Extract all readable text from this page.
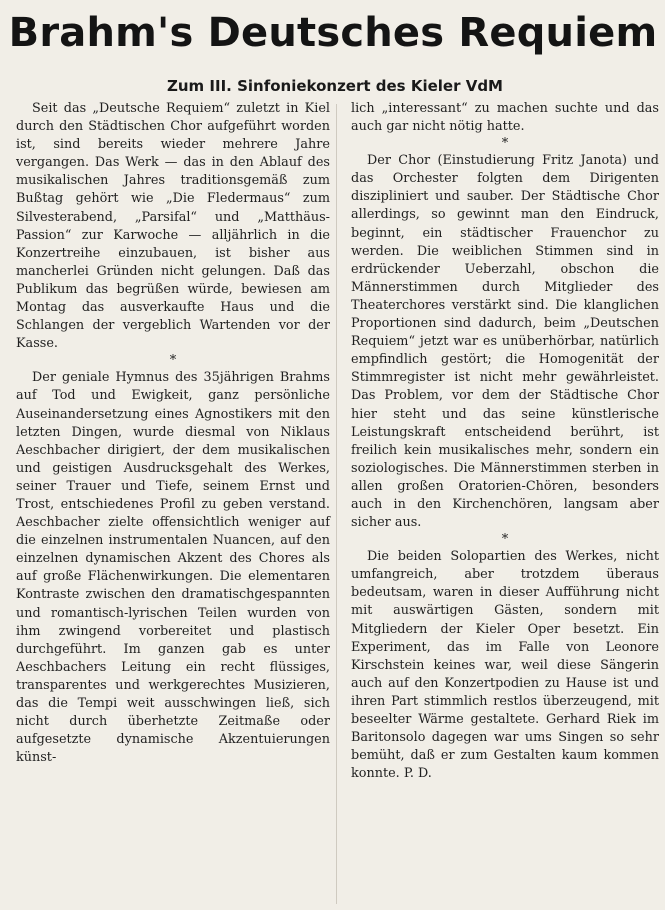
Brahm's Deutsches Requiem
Zum III. Sinfoniekonzert des Kieler VdM

Seit das „Deutsche Requiem“ zuletzt in Kiel durch den Städtischen Chor aufgeführt worden ist, sind bereits wieder mehrere Jahre vergangen. Das Werk — das in den Ablauf des musikalischen Jahres traditionsgemäß zum Bußtag gehört wie „Die Fledermaus“ zum Silvesterabend, „Parsifal“ und „Matthäus-Passion“ zur Karwoche — alljährlich in die Konzertreihe einzubauen, ist bisher aus mancherlei Gründen nicht gelungen. Daß das Publikum das begrüßen würde, bewiesen am Montag das ausverkaufte Haus und die Schlangen der vergeblich Wartenden vor der Kasse.

*

Der geniale Hymnus des 35jährigen Brahms auf Tod und Ewigkeit, ganz persönliche Auseinandersetzung eines Agnostikers mit den letzten Dingen, wurde diesmal von Niklaus Aeschbacher dirigiert, der dem musikalischen und geistigen Ausdrucksgehalt des Werkes, seiner Trauer und Tiefe, seinem Ernst und Trost, entschiedenes Profil zu geben verstand. Aeschbacher zielte offensichtlich weniger auf die einzelnen instrumentalen Nuancen, auf den einzelnen dynamischen Akzent des Chores als auf große Flächenwirkungen. Die elementaren Kontraste zwischen den dramatischgespannten und romantisch-lyrischen Teilen wurden von ihm zwingend vorbereitet und plastisch durchgeführt. Im ganzen gab es unter Aeschbachers Leitung ein recht flüssiges, transparentes und werkgerechtes Musizieren, das die Tempi weit ausschwingen ließ, sich nicht durch überhetzte Zeitmaße oder aufgesetzte dynamische Akzentuierungen künst-

lich „interessant“ zu machen suchte und das auch gar nicht nötig hatte.

*

Der Chor (Einstudierung Fritz Janota) und das Orchester folgten dem Dirigenten diszipliniert und sauber. Der Städtische Chor allerdings, so gewinnt man den Eindruck, beginnt, ein städtischer Frauenchor zu werden. Die weiblichen Stimmen sind in erdrückender Ueberzahl, obschon die Männerstimmen durch Mitglieder des Theaterchores verstärkt sind. Die klanglichen Proportionen sind dadurch, beim „Deutschen Requiem“ jetzt war es unüberhörbar, natürlich empfindlich gestört; die Homogenität der Stimmregister ist nicht mehr gewährleistet. Das Problem, vor dem der Städtische Chor hier steht und das seine künstlerische Leistungskraft entscheidend berührt, ist freilich kein musikalisches mehr, sondern ein soziologisches. Die Männerstimmen sterben in allen großen Oratorien-Chören, besonders auch in den Kirchenchören, langsam aber sicher aus.

*

Die beiden Solopartien des Werkes, nicht umfangreich, aber trotzdem überaus bedeutsam, waren in dieser Aufführung nicht mit auswärtigen Gästen, sondern mit Mitgliedern der Kieler Oper besetzt. Ein Experiment, das im Falle von Leonore Kirschstein keines war, weil diese Sängerin auch auf den Konzertpodien zu Hause ist und ihren Part stimmlich restlos überzeugend, mit beseelter Wärme gestaltete. Gerhard Riek im Baritonsolo dagegen war ums Singen so sehr bemüht, daß er zum Gestalten kaum kommen konnte. P. D.
